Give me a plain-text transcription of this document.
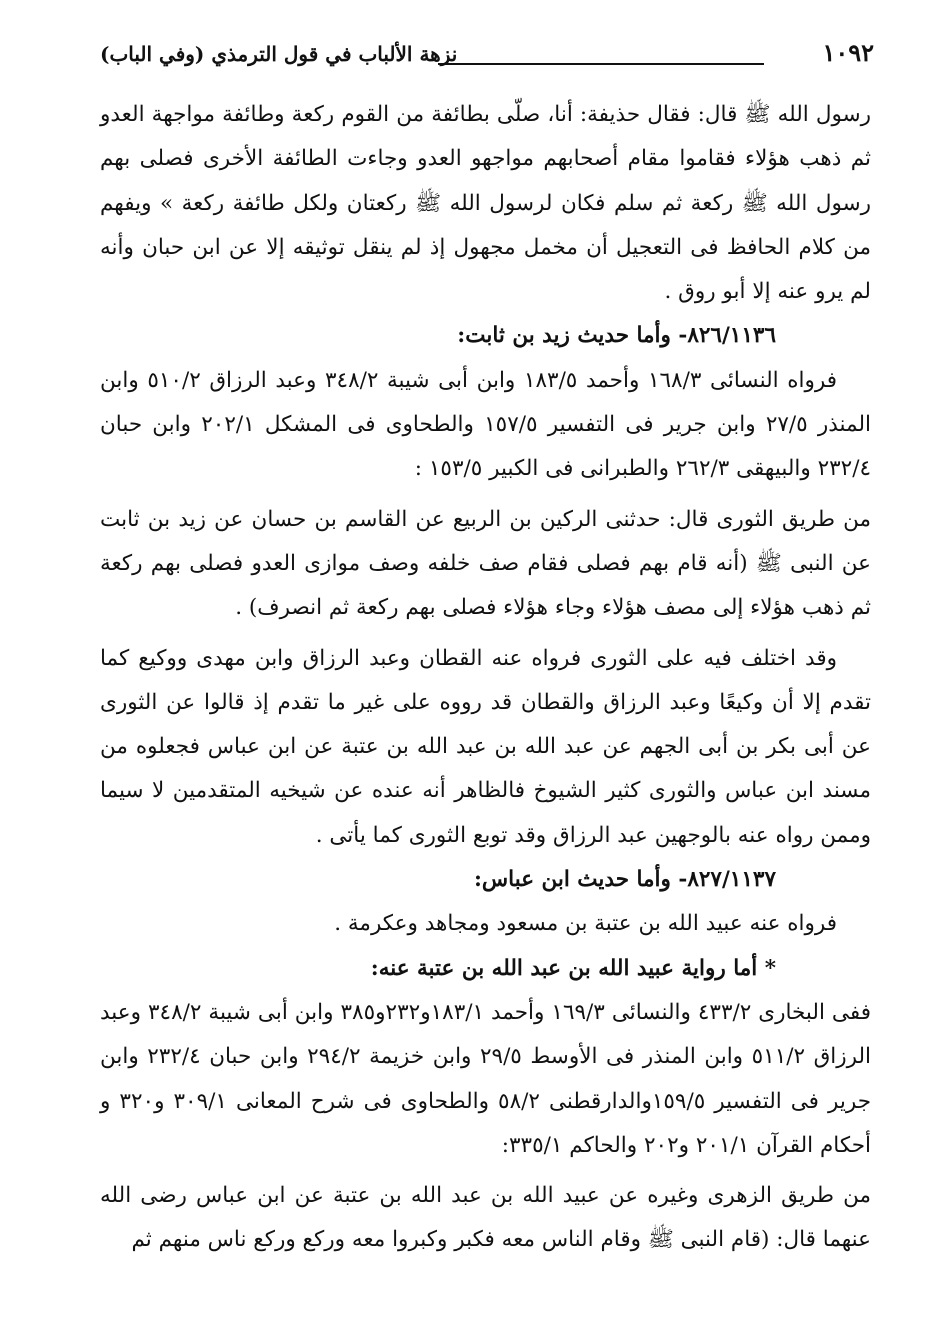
نزهة الألباب في قول الترمذي (وفي الباب)	١٠٩٢

رسول الله ﷺ قال: فقال حذيفة: أنا، صلّى بطائفة من القوم ركعة وطائفة مواجهة العدو ثم ذهب هؤلاء فقاموا مقام أصحابهم مواجهو العدو وجاءت الطائفة الأخرى فصلى بهم رسول الله ﷺ ركعة ثم سلم فكان لرسول الله ﷺ ركعتان ولكل طائفة ركعة » ويفهم من كلام الحافظ فى التعجيل أن مخمل مجهول إذ لم ينقل توثيقه إلا عن ابن حبان وأنه لم يرو عنه إلا أبو روق .

٨٢٦/١١٣٦- وأما حديث زيد بن ثابت:

فرواه النسائى ١٦٨/٣ وأحمد ١٨٣/٥ وابن أبى شيبة ٣٤٨/٢ وعبد الرزاق ٥١٠/٢ وابن المنذر ٢٧/٥ وابن جرير فى التفسير ١٥٧/٥ والطحاوى فى المشكل ٢٠٢/١ وابن حبان ٢٣٢/٤ والبيهقى ٢٦٢/٣ والطبرانى فى الكبير ١٥٣/٥ :

من طريق الثورى قال: حدثنى الركين بن الربيع عن القاسم بن حسان عن زيد بن ثابت عن النبى ﷺ (أنه قام بهم فصلى فقام صف خلفه وصف موازى العدو فصلى بهم ركعة ثم ذهب هؤلاء إلى مصف هؤلاء وجاء هؤلاء فصلى بهم ركعة ثم انصرف) .

وقد اختلف فيه على الثورى فرواه عنه القطان وعبد الرزاق وابن مهدى ووكيع كما تقدم إلا أن وكيعًا وعبد الرزاق والقطان قد رووه على غير ما تقدم إذ قالوا عن الثورى عن أبى بكر بن أبى الجهم عن عبد الله بن عبد الله بن عتبة عن ابن عباس فجعلوه من مسند ابن عباس والثورى كثير الشيوخ فالظاهر أنه عنده عن شيخيه المتقدمين لا سيما وممن رواه عنه بالوجهين عبد الرزاق وقد توبع الثورى كما يأتى .

٨٢٧/١١٣٧- وأما حديث ابن عباس:

فرواه عنه عبيد الله بن عتبة بن مسعود ومجاهد وعكرمة .

* أما رواية عبيد الله بن عبد الله بن عتبة عنه:

ففى البخارى ٤٣٣/٢ والنسائى ١٦٩/٣ وأحمد ١٨٣/١و٢٣٢و٣٨٥ وابن أبى شيبة ٣٤٨/٢ وعبد الرزاق ٥١١/٢ وابن المنذر فى الأوسط ٢٩/٥ وابن خزيمة ٢٩٤/٢ وابن حبان ٢٣٢/٤ وابن جرير فى التفسير ١٥٩/٥والدارقطنى ٥٨/٢ والطحاوى فى شرح المعانى ٣٠٩/١ و٣٢٠ و أحكام القرآن ٢٠١/١ و٢٠٢ والحاكم ٣٣٥/١:

من طريق الزهرى وغيره عن عبيد الله بن عبد الله بن عتبة عن ابن عباس رضى الله عنهما قال: (قام النبى ﷺ وقام الناس معه فكبر وكبروا معه وركع وركع ناس منهم ثم
